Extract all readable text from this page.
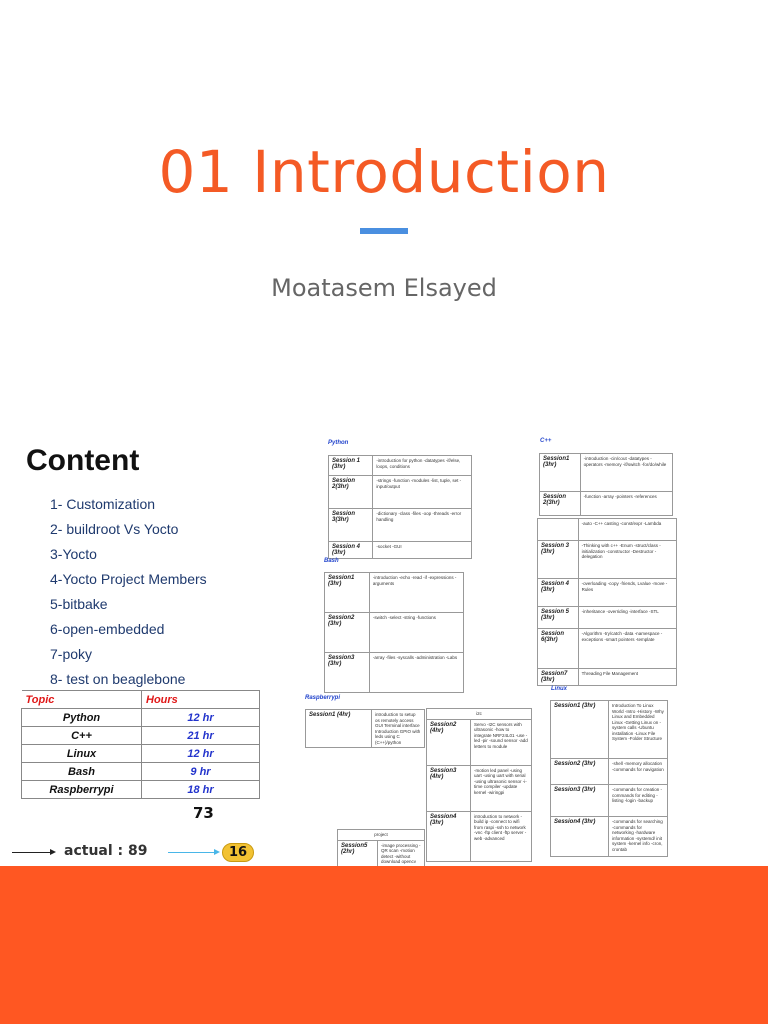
01 Introduction
Moatasem Elsayed
Content
1- Customization
2- buildroot Vs Yocto
3-Yocto
4-Yocto Project Members
5-bitbake
6-open-embedded
7-poky
8- test on beaglebone
Topic	Hours
Python	12 hr
C++	21 hr
Linux	12 hr
Bash	9 hr
Raspberrypi	18 hr
73
actual : 89	16
Python
Session 1 (3hr)	-introduction for python -datatypes -if/else, loops, conditions
Session 2(3hr)	-strings -function -modules -list, tuple, set -input/output
Session 3(3hr)	-dictionary -class -files -oop -threads -error handling
Session 4 (3hr)	-socket -GUI
Bash
Session1 (3hr)	-introduction -echo -read -if -expressions -arguments
Session2 (3hr)	-switch -select -string -functions
Session3 (3hr)	-array -files -syscalls -administration -Labs
C++
Session1 (3hr)	-introduction -cin/cout -datatypes -operators -memory -if/switch -for/do/while
Session 2(3hr)	-function -array -pointers -references
	-auto -C++ casting -const/expr -Lambda
Session 3 (3hr)	-Thinking with c++ -Enum -struct/class -initialization -constructor -Destructor -delegation
Session 4 (3hr)	-overloading -copy -friends, Lvalue -move -Rules
Session 5 (3hr)	-inheritance -overriding -interface -STL
Session 6(3hr)	-Algorithm -try/catch -data -namespace -exceptions -smart pointers -template
Session7 (3hr)	Threading File Management
Raspberrypi
Session1 (4hr)	introduction to setup os remotely access GUI Terminal interface Introduction GPIO with leds using C (C++)/python
i2c	
Session2 (4hr)	Servo -I2C sensors with ultrasonic -how to integrate NRF24L01 -use -led -pir -sound sensor -add letters to module
Session3 (4hr)	-motion led panel -using uart -using uart with serial -using ultrasonic sensor -i-time compiler -update kernel -wiringpi
Session4 (3hr)	introduction to network -build ip -connect to wifi from raspi -ssh to network -vnc -ftp client -ftp server -web -advanced
project
Session5 (2hr)	-image processing -QR scan -motion detect -without download opencv
Linux
Session1 (3hr)	Introduction To Linux World -Intro -History -Why Linux and Embedded Linux -Getting Linux on -system calls -Ubuntu installation -Linux File System -Folder Structure
Session2 (3hr)	-shell -memory allocation -commands for navigation
Session3 (3hr)	-commands for creation -commands for editing -listing -login -backup
Session4 (3hr)	-commands for searching -commands for networking -hardware information -systemd/ init system -kernel info -cron, crontab
